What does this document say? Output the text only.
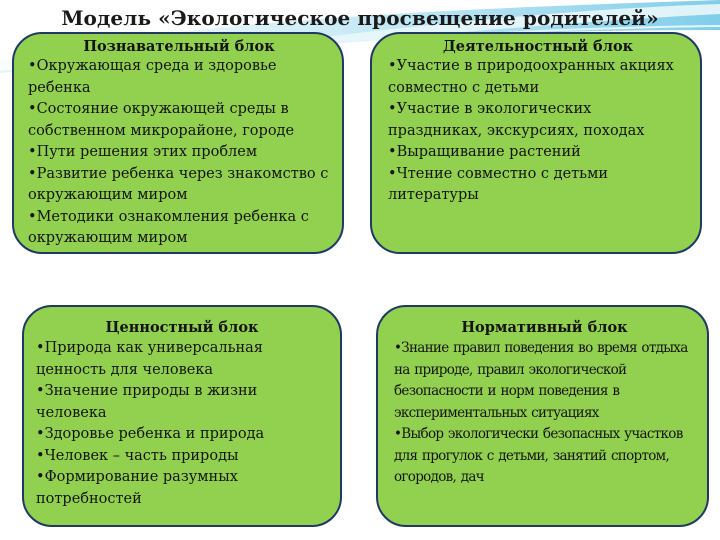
Модель «Экологическое просвещение родителей»
Познавательный блок
• Окружающая среда и здоровье ребенка
• Состояние окружающей среды в собственном микрорайоне, городе
• Пути решения этих проблем
• Развитие ребенка через знакомство с окружающим миром
• Методики ознакомления ребенка с окружающим миром
Деятельностный блок
• Участие в природоохранных акциях совместно с детьми
• Участие в экологических праздниках, экскурсиях, походах
• Выращивание растений
• Чтение совместно с детьми литературы
Ценностный блок
• Природа как универсальная ценность для человека
• Значение природы в жизни человека
• Здоровье ребенка и природа
• Человек – часть природы
• Формирование разумных потребностей
Нормативный блок
• Знание правил поведения во время отдыха на природе, правил экологической безопасности и норм поведения в экспериментальных ситуациях
• Выбор экологически безопасных участков для прогулок с детьми, занятий спортом, огородов, дач
